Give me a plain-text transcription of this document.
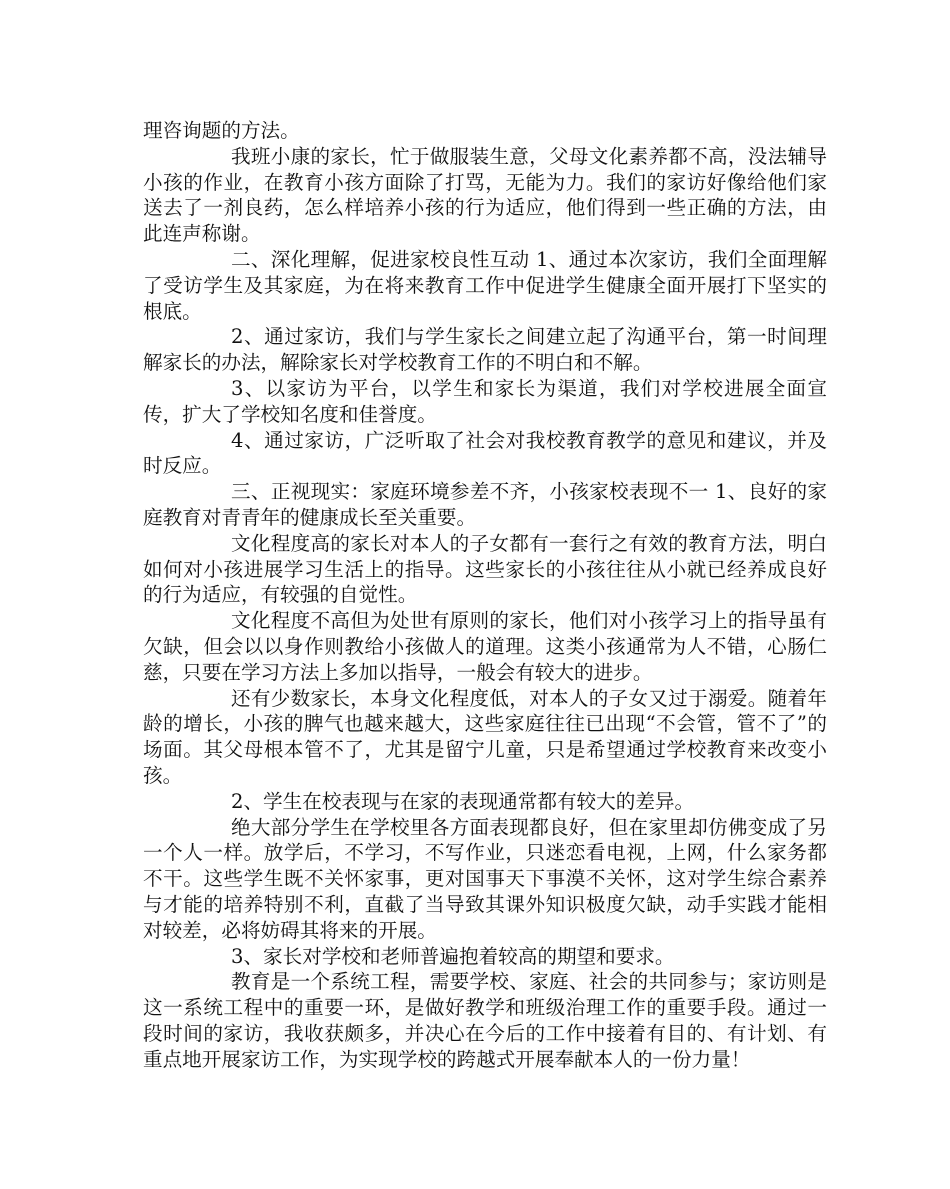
理咨询题的方法。

我班小康的家长，忙于做服装生意，父母文化素养都不高，没法辅导小孩的作业，在教育小孩方面除了打骂，无能为力。我们的家访好像给他们家送去了一剂良药，怎么样培养小孩的行为适应，他们得到一些正确的方法，由此连声称谢。

二、深化理解，促进家校良性互动 1、通过本次家访，我们全面理解了受访学生及其家庭，为在将来教育工作中促进学生健康全面开展打下坚实的根底。

2、通过家访，我们与学生家长之间建立起了沟通平台，第一时间理解家长的办法，解除家长对学校教育工作的不明白和不解。

3、以家访为平台，以学生和家长为渠道，我们对学校进展全面宣传，扩大了学校知名度和佳誉度。

4、通过家访，广泛听取了社会对我校教育教学的意见和建议，并及时反应。

三、正视现实：家庭环境参差不齐，小孩家校表现不一 1、良好的家庭教育对青青年的健康成长至关重要。

文化程度高的家长对本人的子女都有一套行之有效的教育方法，明白如何对小孩进展学习生活上的指导。这些家长的小孩往往从小就已经养成良好的行为适应，有较强的自觉性。

文化程度不高但为处世有原则的家长，他们对小孩学习上的指导虽有欠缺，但会以以身作则教给小孩做人的道理。这类小孩通常为人不错，心肠仁慈，只要在学习方法上多加以指导，一般会有较大的进步。

还有少数家长，本身文化程度低，对本人的子女又过于溺爱。随着年龄的增长，小孩的脾气也越来越大，这些家庭往往已出现“不会管，管不了”的场面。其父母根本管不了，尤其是留宁儿童，只是希望通过学校教育来改变小孩。

2、学生在校表现与在家的表现通常都有较大的差异。

绝大部分学生在学校里各方面表现都良好，但在家里却仿佛变成了另一个人一样。放学后，不学习，不写作业，只迷恋看电视，上网，什么家务都不干。这些学生既不关怀家事，更对国事天下事漠不关怀，这对学生综合素养与才能的培养特别不利，直截了当导致其课外知识极度欠缺，动手实践才能相对较差，必将妨碍其将来的开展。

3、家长对学校和老师普遍抱着较高的期望和要求。

教育是一个系统工程，需要学校、家庭、社会的共同参与；家访则是这一系统工程中的重要一环，是做好教学和班级治理工作的重要手段。通过一段时间的家访，我收获颇多，并决心在今后的工作中接着有目的、有计划、有重点地开展家访工作，为实现学校的跨越式开展奉献本人的一份力量！
